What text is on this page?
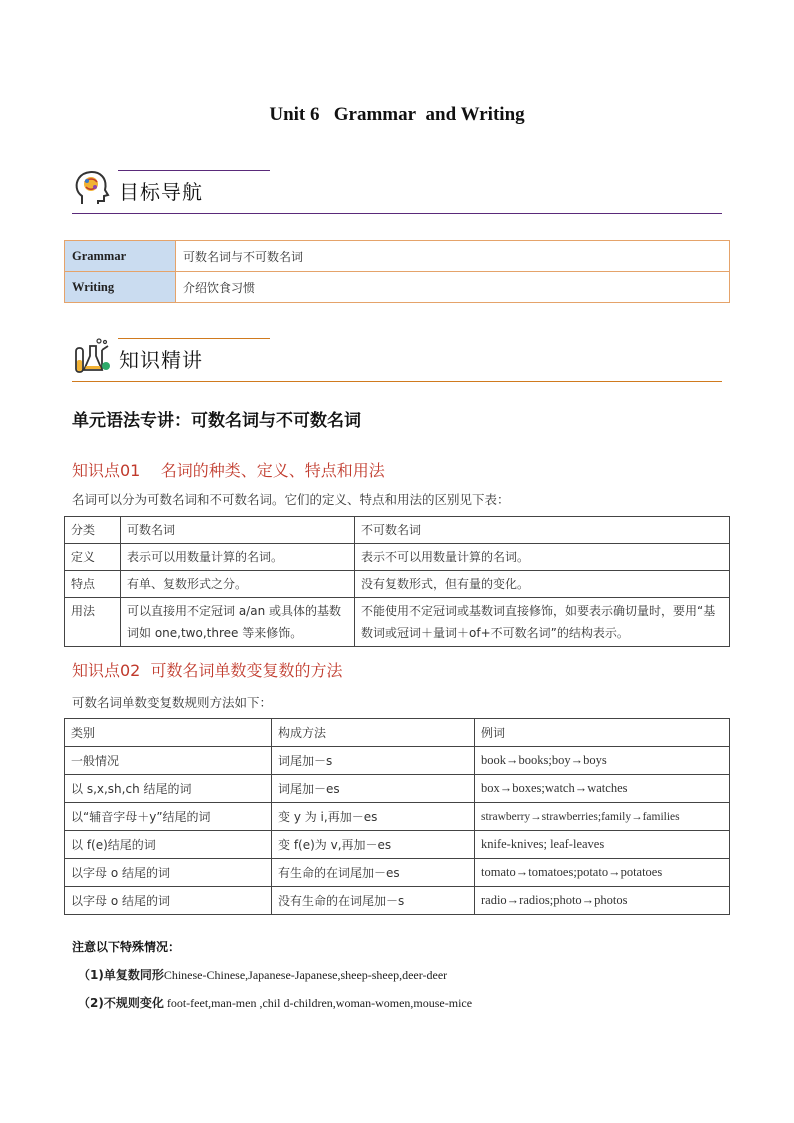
Unit 6   Grammar  and Writing
目标导航
Grammar	可数名词与不可数名词
Writing	介绍饮食习惯
知识精讲
单元语法专讲：可数名词与不可数名词
知识点01    名词的种类、定义、特点和用法
名词可以分为可数名词和不可数名词。它们的定义、特点和用法的区别见下表：
分类	可数名词	不可数名词
定义	表示可以用数量计算的名词。	表示不可以用数量计算的名词。
特点	有单、复数形式之分。	没有复数形式，但有量的变化。
用法	可以直接用不定冠词 a/an 或具体的基数词如 one,two,three 等来修饰。	不能使用不定冠词或基数词直接修饰，如要表示确切量时，要用“基数词或冠词＋量词＋of+不可数名词”的结构表示。
知识点02  可数名词单数变复数的方法
可数名词单数变复数规则方法如下：
类别	构成方法	例词
一般情况	词尾加－s	book→books;boy→boys
以 s,x,sh,ch 结尾的词	词尾加－es	box→boxes;watch→watches
以“辅音字母＋y”结尾的词	变 y 为 i,再加－es	strawberry→strawberries;family→families
以 f(e)结尾的词	变 f(e)为 v,再加－es	knife-knives; leaf-leaves
以字母 o 结尾的词	有生命的在词尾加－es	tomato→tomatoes;potato→potatoes
以字母 o 结尾的词	没有生命的在词尾加－s	radio→radios;photo→photos
注意以下特殊情况：
（1)单复数同形Chinese-Chinese,Japanese-Japanese,sheep-sheep,deer-deer
（2)不规则变化 foot-feet,man-men ,chil d-children,woman-women,mouse-mice
